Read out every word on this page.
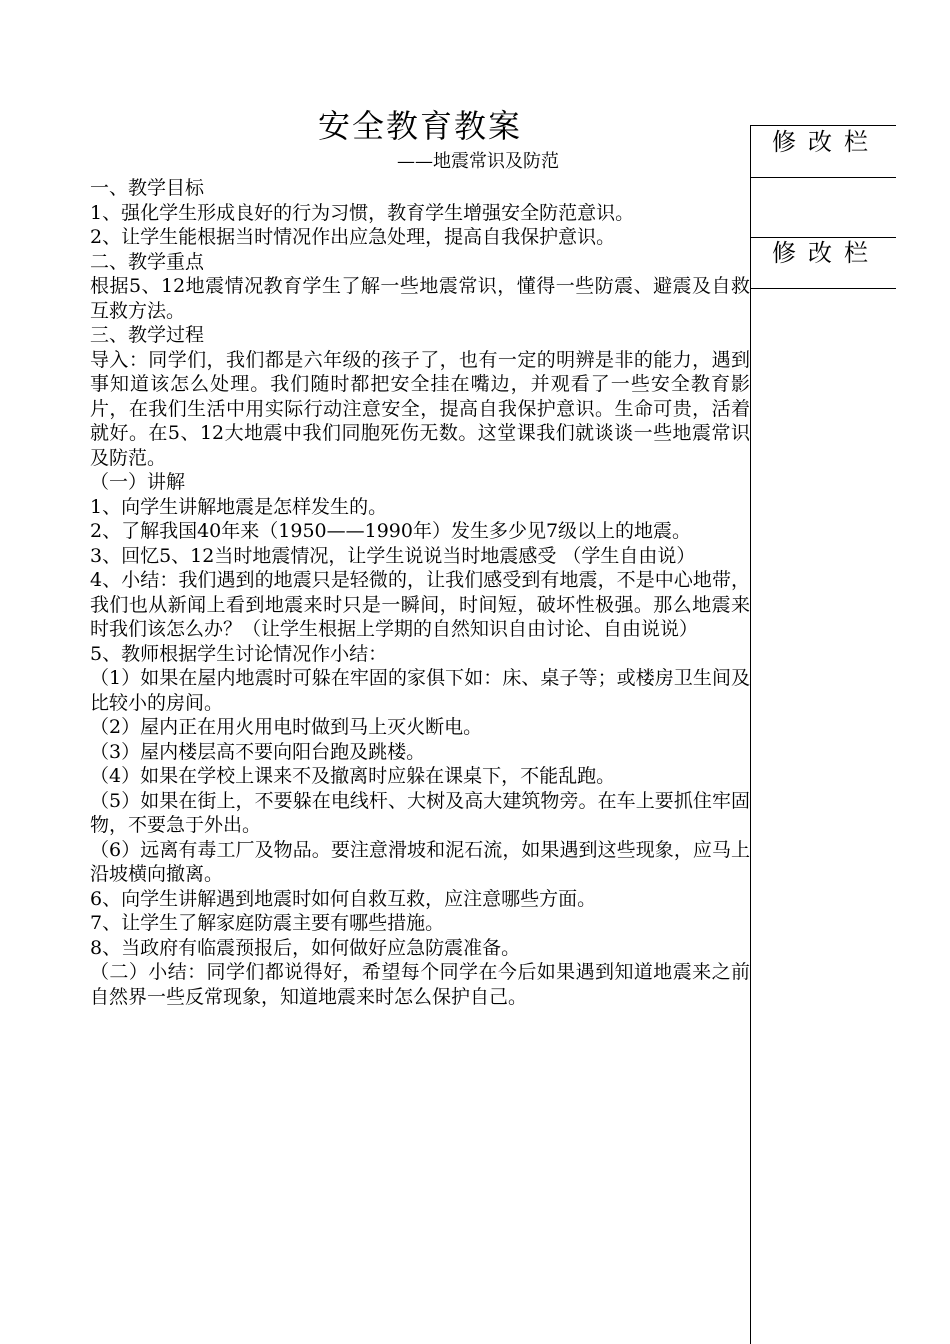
安全教育教案
——地震常识及防范
一、教学目标
1、强化学生形成良好的行为习惯，教育学生增强安全防范意识。
2、让学生能根据当时情况作出应急处理，提高自我保护意识。
二、教学重点
根据5、12地震情况教育学生了解一些地震常识，懂得一些防震、避震及自救互救方法。
三、教学过程
导入：同学们，我们都是六年级的孩子了，也有一定的明辨是非的能力，遇到事知道该怎么处理。我们随时都把安全挂在嘴边，并观看了一些安全教育影片，在我们生活中用实际行动注意安全，提高自我保护意识。生命可贵，活着就好。在5、12大地震中我们同胞死伤无数。这堂课我们就谈谈一些地震常识及防范。
（一）讲解
1、向学生讲解地震是怎样发生的。
2、了解我国40年来（1950——1990年）发生多少见7级以上的地震。
3、回忆5、12当时地震情况，让学生说说当时地震感受 （学生自由说）
4、小结：我们遇到的地震只是轻微的，让我们感受到有地震，不是中心地带，我们也从新闻上看到地震来时只是一瞬间，时间短，破坏性极强。那么地震来时我们该怎么办？（让学生根据上学期的自然知识自由讨论、自由说说）
5、教师根据学生讨论情况作小结：
（1）如果在屋内地震时可躲在牢固的家俱下如：床、桌子等；或楼房卫生间及比较小的房间。
（2）屋内正在用火用电时做到马上灭火断电。
（3）屋内楼层高不要向阳台跑及跳楼。
（4）如果在学校上课来不及撤离时应躲在课桌下，不能乱跑。
（5）如果在街上，不要躲在电线杆、大树及高大建筑物旁。在车上要抓住牢固物，不要急于外出。
（6）远离有毒工厂及物品。要注意滑坡和泥石流，如果遇到这些现象，应马上沿坡横向撤离。
6、向学生讲解遇到地震时如何自救互救，应注意哪些方面。
7、让学生了解家庭防震主要有哪些措施。
8、当政府有临震预报后，如何做好应急防震准备。
（二）小结：同学们都说得好，希望每个同学在今后如果遇到知道地震来之前自然界一些反常现象，知道地震来时怎么保护自己。
修改栏
修改栏
